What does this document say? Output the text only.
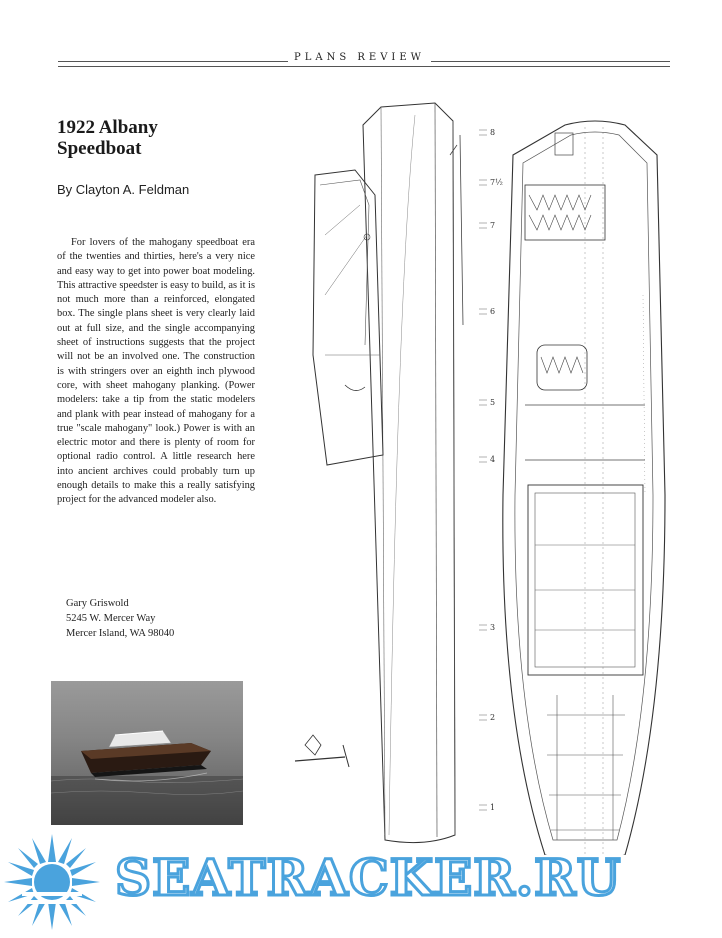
PLANS REVIEW
1922 Albany
Speedboat
By Clayton A. Feldman

For lovers of the mahogany speedboat era of the twenties and thirties, here's a very nice and easy way to get into power boat modeling. This attractive speedster is easy to build, as it is not much more than a reinforced, elongated box. The single plans sheet is very clearly laid out at full size, and the single accompanying sheet of instructions suggests that the project will not be an involved one. The construction is with stringers over an eighth inch plywood core, with sheet mahogany planking. (Power modelers: take a tip from the static modelers and plank with pear instead of mahogany for a true "scale mahogany" look.) Power is with an electric motor and there is plenty of room for optional radio control. A little research here into ancient archives could probably turn up enough details to make this a really satisfying project for the advanced modeler also.

Gary Griswold
5245 W. Mercer Way
Mercer Island, WA 98040
8
7½
7
6
5
4
3
2
1
SEATRACKER.RU
